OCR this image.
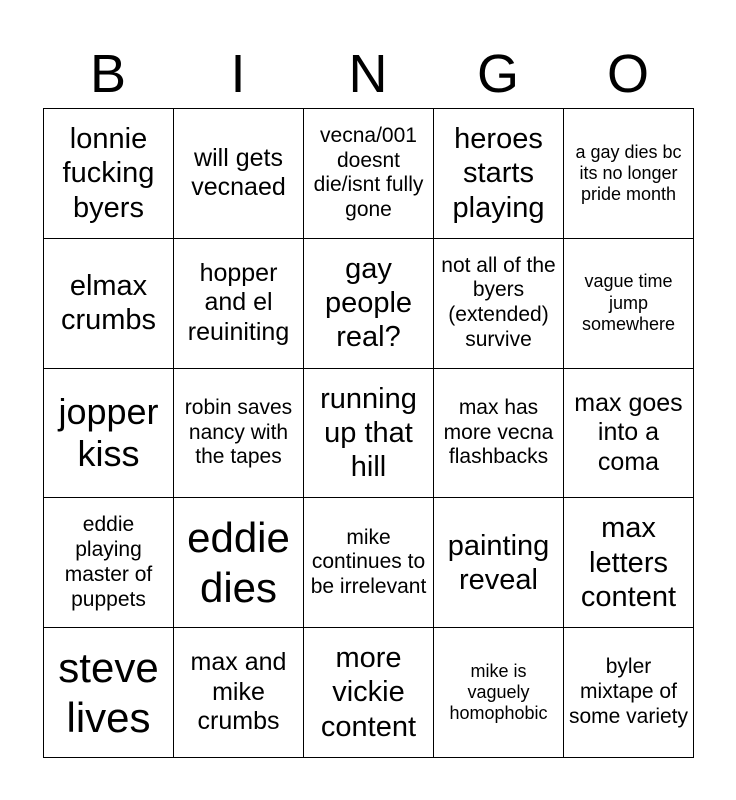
B	I	N	G	O
lonnie fucking byers	will gets vecnaed	vecna/001 doesnt die/isnt fully gone	heroes starts playing	a gay dies bc its no longer pride month
elmax crumbs	hopper and el reuiniting	gay people real?	not all of the byers (extended) survive	vague time jump somewhere
jopper kiss	robin saves nancy with the tapes	running up that hill	max has more vecna flashbacks	max goes into a coma
eddie playing master of puppets	eddie dies	mike continues to be irrelevant	painting reveal	max letters content
steve lives	max and mike crumbs	more vickie content	mike is vaguely homophobic	byler mixtape of some variety
